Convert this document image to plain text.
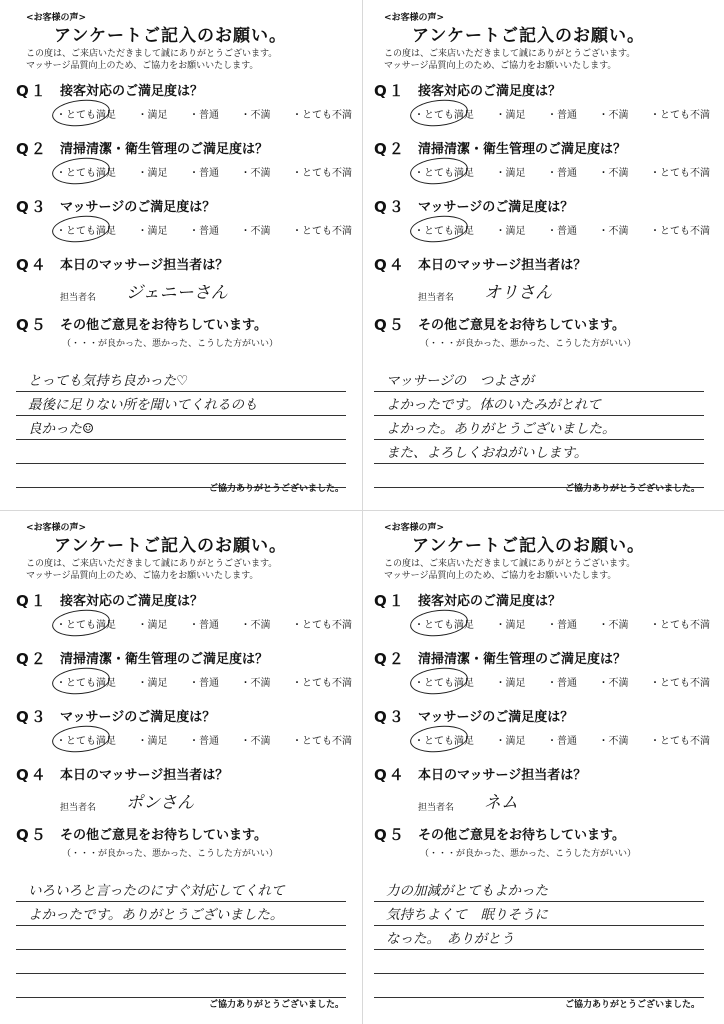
<お客様の声>
アンケートご記入のお願い。
この度は、ご来店いただきまして誠にありがとうございます。
マッサージ品質向上のため、ご協力をお願いいたします。
Q１ 接客対応のご満足度は？
・とても満足 ・満足 ・普通 ・不満 ・とても不満
Q２ 清掃清潔・衛生管理のご満足度は？
・とても満足 ・満足 ・普通 ・不満 ・とても不満
Q３ マッサージのご満足度は？
・とても満足 ・満足 ・普通 ・不満 ・とても不満
Q４ 本日のマッサージ担当者は？
担当者名 ジェニーさん
Q５ その他ご意見をお待ちしています。
（・・・が良かった、悪かった、こうした方がいい）
とっても気持ち良かった♡
最後に足りない所を聞いてくれるのも
良かった☺
ご協力ありがとうございました。
<お客様の声>
アンケートご記入のお願い。
この度は、ご来店いただきまして誠にありがとうございます。
マッサージ品質向上のため、ご協力をお願いいたします。
Q１ 接客対応のご満足度は？
・とても満足 ・満足 ・普通 ・不満 ・とても不満
Q２ 清掃清潔・衛生管理のご満足度は？
・とても満足 ・満足 ・普通 ・不満 ・とても不満
Q３ マッサージのご満足度は？
・とても満足 ・満足 ・普通 ・不満 ・とても不満
Q４ 本日のマッサージ担当者は？
担当者名 オリさん
Q５ その他ご意見をお待ちしています。
（・・・が良かった、悪かった、こうした方がいい）
マッサージの　つよさが
よかったです。体のいたみがとれて
よかった。ありがとうございました。
また、よろしくおねがいします。
ご協力ありがとうございました。
<お客様の声>
アンケートご記入のお願い。
この度は、ご来店いただきまして誠にありがとうございます。
マッサージ品質向上のため、ご協力をお願いいたします。
Q１ 接客対応のご満足度は？
・とても満足 ・満足 ・普通 ・不満 ・とても不満
Q２ 清掃清潔・衛生管理のご満足度は？
・とても満足 ・満足 ・普通 ・不満 ・とても不満
Q３ マッサージのご満足度は？
・とても満足 ・満足 ・普通 ・不満 ・とても不満
Q４ 本日のマッサージ担当者は？
担当者名 ポンさん
Q５ その他ご意見をお待ちしています。
（・・・が良かった、悪かった、こうした方がいい）
いろいろと言ったのにすぐ対応してくれて
よかったです。ありがとうございました。
ご協力ありがとうございました。
<お客様の声>
アンケートご記入のお願い。
この度は、ご来店いただきまして誠にありがとうございます。
マッサージ品質向上のため、ご協力をお願いいたします。
Q１ 接客対応のご満足度は？
・とても満足 ・満足 ・普通 ・不満 ・とても不満
Q２ 清掃清潔・衛生管理のご満足度は？
・とても満足 ・満足 ・普通 ・不満 ・とても不満
Q３ マッサージのご満足度は？
・とても満足 ・満足 ・普通 ・不満 ・とても不満
Q４ 本日のマッサージ担当者は？
担当者名 ネム
Q５ その他ご意見をお待ちしています。
（・・・が良かった、悪かった、こうした方がいい）
力の加減がとてもよかった
気持ちよくて　眠りそうに
なった。　ありがとう
ご協力ありがとうございました。
